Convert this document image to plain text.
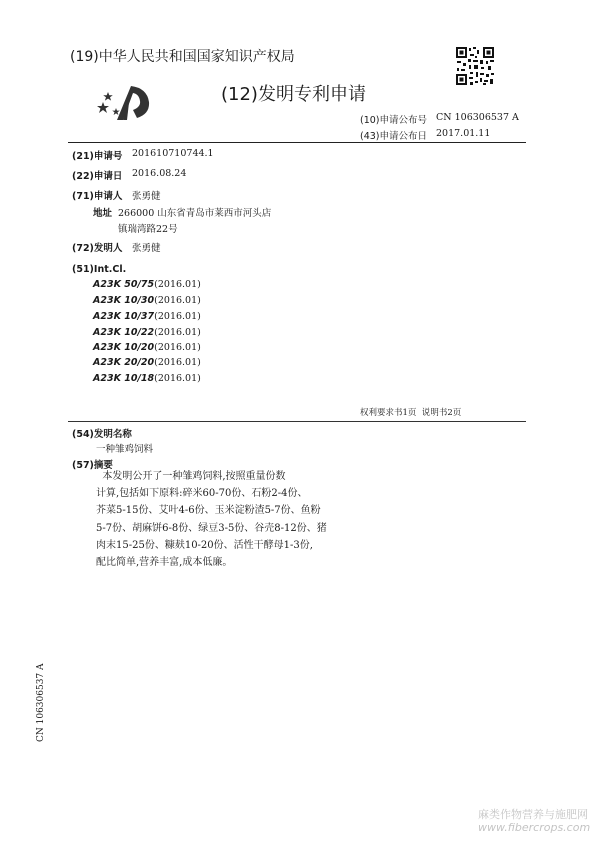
(19)中华人民共和国国家知识产权局
(12)发明专利申请
(10)申请公布号 CN 106306537 A
(43)申请公布日 2017.01.11
(21)申请号 201610710744.1
(22)申请日 2016.08.24
(71)申请人 张勇健
地址 266000 山东省青岛市莱西市河头店
镇瑞湾路22号
(72)发明人 张勇健
(51)Int.Cl.
A23K 50/75(2016.01)
A23K 10/30(2016.01)
A23K 10/37(2016.01)
A23K 10/22(2016.01)
A23K 10/20(2016.01)
A23K 20/20(2016.01)
A23K 10/18(2016.01)
权利要求书1页  说明书2页
(54)发明名称
一种雏鸡饲料
(57)摘要
本发明公开了一种雏鸡饲料,按照重量份数
计算,包括如下原料:碎米60-70份、石粉2-4份、
芥菜5-15份、艾叶4-6份、玉米淀粉渣5-7份、鱼粉
5-7份、胡麻饼6-8份、绿豆3-5份、谷壳8-12份、猪
肉末15-25份、糠麸10-20份、活性干酵母1-3份,
配比简单,营养丰富,成本低廉。
CN 106306537 A
麻类作物营养与施肥网
www.fibercrops.com
